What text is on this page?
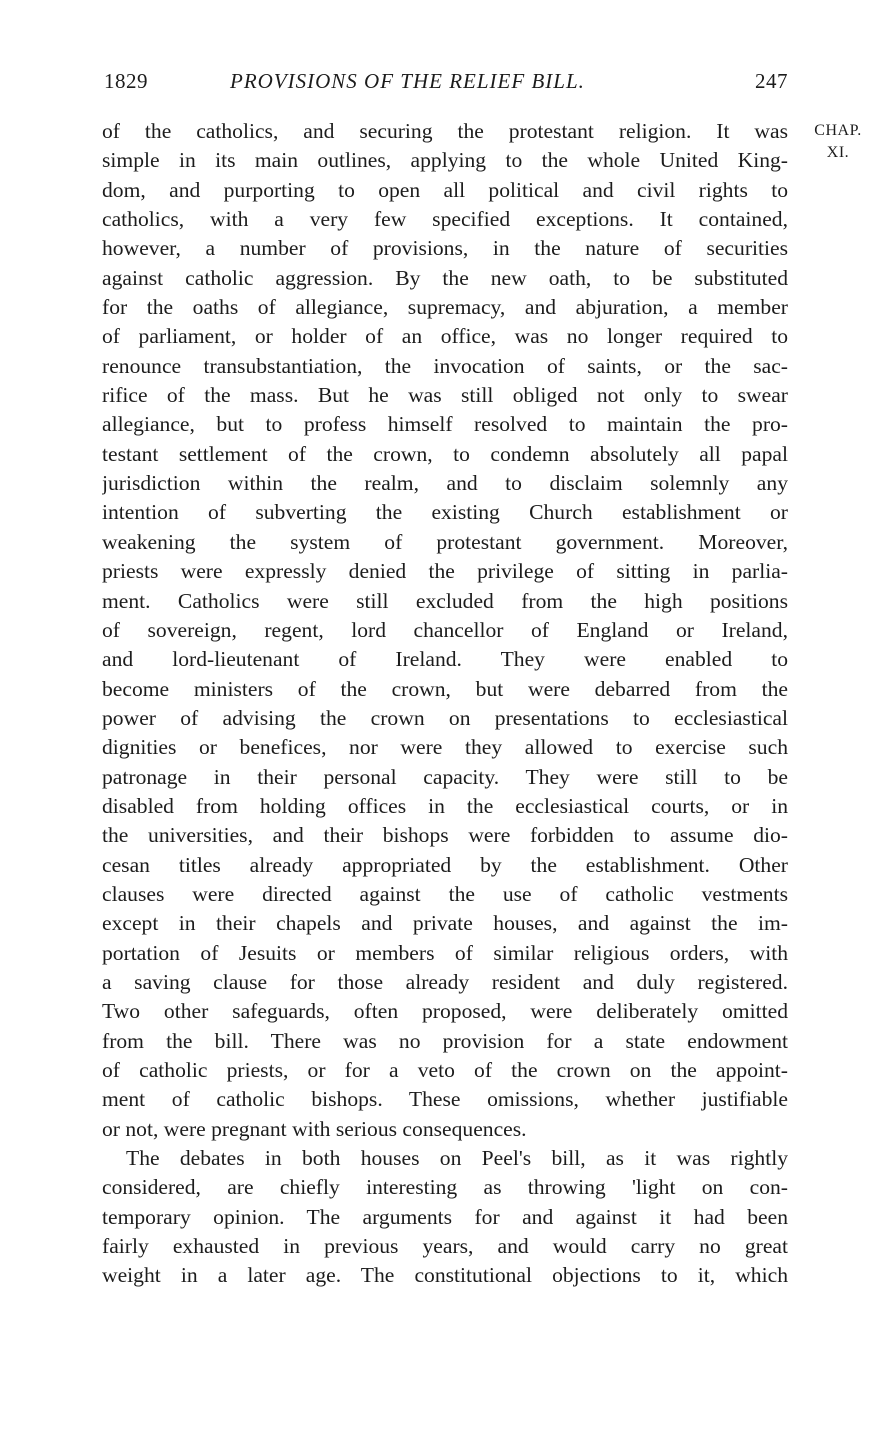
1829	PROVISIONS OF THE RELIEF BILL.	247
CHAP.
XI.
of the catholics, and securing the protestant religion. It was
simple in its main outlines, applying to the whole United King-
dom, and purporting to open all political and civil rights to
catholics, with a very few specified exceptions. It contained,
however, a number of provisions, in the nature of securities
against catholic aggression. By the new oath, to be substituted
for the oaths of allegiance, supremacy, and abjuration, a member
of parliament, or holder of an office, was no longer required to
renounce transubstantiation, the invocation of saints, or the sac-
rifice of the mass. But he was still obliged not only to swear
allegiance, but to profess himself resolved to maintain the pro-
testant settlement of the crown, to condemn absolutely all papal
jurisdiction within the realm, and to disclaim solemnly any
intention of subverting the existing Church establishment or
weakening the system of protestant government. Moreover,
priests were expressly denied the privilege of sitting in parlia-
ment. Catholics were still excluded from the high positions
of sovereign, regent, lord chancellor of England or Ireland,
and lord-lieutenant of Ireland. They were enabled to
become ministers of the crown, but were debarred from the
power of advising the crown on presentations to ecclesiastical
dignities or benefices, nor were they allowed to exercise such
patronage in their personal capacity. They were still to be
disabled from holding offices in the ecclesiastical courts, or in
the universities, and their bishops were forbidden to assume dio-
cesan titles already appropriated by the establishment. Other
clauses were directed against the use of catholic vestments
except in their chapels and private houses, and against the im-
portation of Jesuits or members of similar religious orders, with
a saving clause for those already resident and duly registered.
Two other safeguards, often proposed, were deliberately omitted
from the bill. There was no provision for a state endowment
of catholic priests, or for a veto of the crown on the appoint-
ment of catholic bishops. These omissions, whether justifiable
or not, were pregnant with serious consequences.
The debates in both houses on Peel's bill, as it was rightly
considered, are chiefly interesting as throwing 'light on con-
temporary opinion. The arguments for and against it had been
fairly exhausted in previous years, and would carry no great
weight in a later age. The constitutional objections to it, which
